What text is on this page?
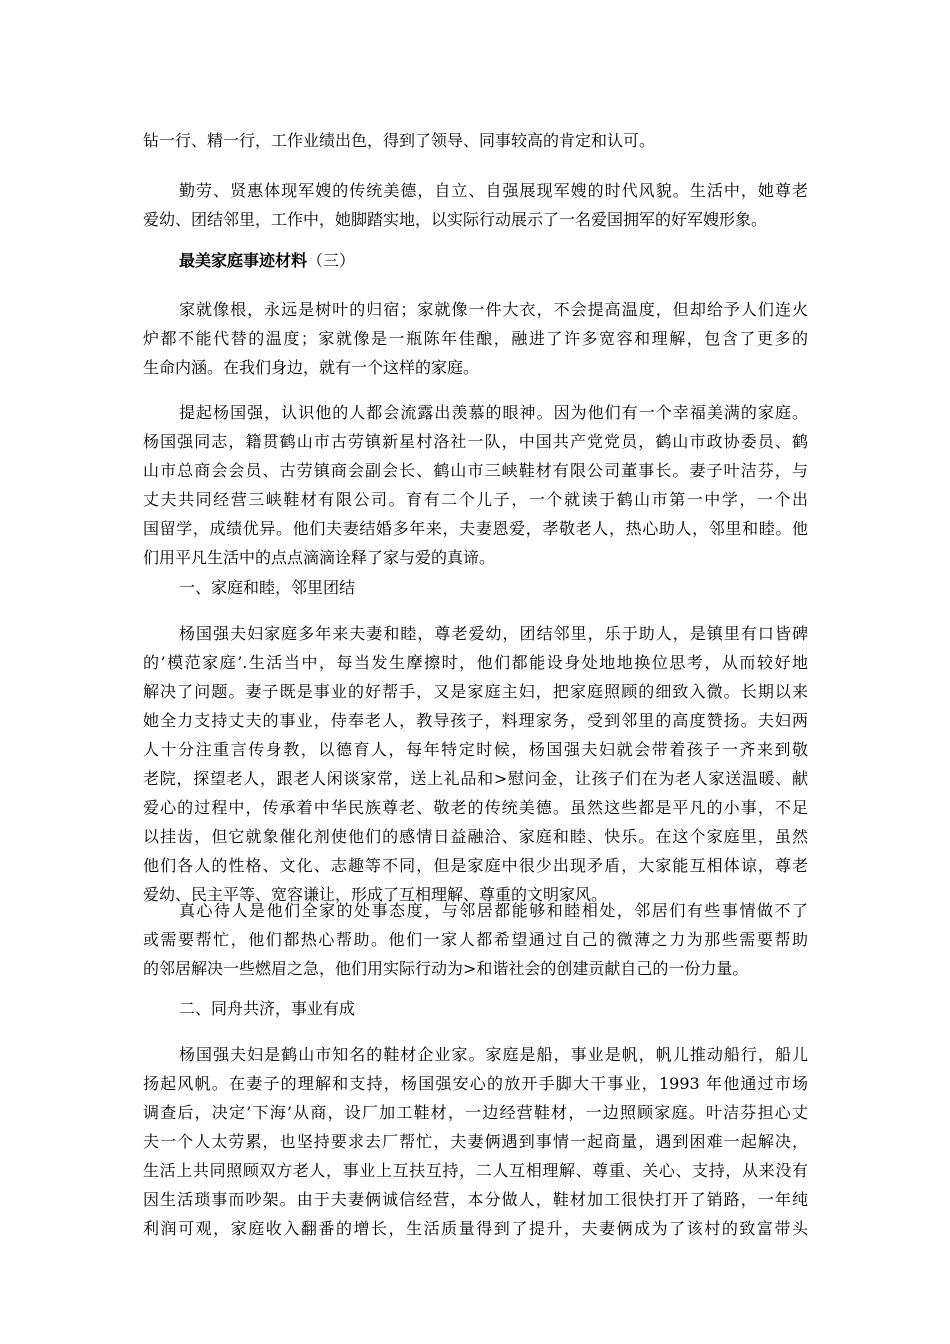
钻一行、精一行，工作业绩出色，得到了领导、同事较高的肯定和认可。
勤劳、贤惠体现军嫂的传统美德，自立、自强展现军嫂的时代风貌。生活中，她尊老
爱幼、团结邻里，工作中，她脚踏实地，以实际行动展示了一名爱国拥军的好军嫂形象。
最美家庭事迹材料（三）
家就像根，永远是树叶的归宿；家就像一件大衣，不会提高温度，但却给予人们连火
炉都不能代替的温度；家就像是一瓶陈年佳酿，融进了许多宽容和理解，包含了更多的
生命内涵。在我们身边，就有一个这样的家庭。
提起杨国强，认识他的人都会流露出羡慕的眼神。因为他们有一个幸福美满的家庭。
杨国强同志，籍贯鹤山市古劳镇新星村洛社一队，中国共产党党员，鹤山市政协委员、鹤
山市总商会会员、古劳镇商会副会长、鹤山市三峡鞋材有限公司董事长。妻子叶洁芬，与
丈夫共同经营三峡鞋材有限公司。育有二个儿子，一个就读于鹤山市第一中学，一个出
国留学，成绩优异。他们夫妻结婚多年来，夫妻恩爱，孝敬老人，热心助人，邻里和睦。他
们用平凡生活中的点点滴滴诠释了家与爱的真谛。
一、家庭和睦，邻里团结
杨国强夫妇家庭多年来夫妻和睦，尊老爱幼，团结邻里，乐于助人，是镇里有口皆碑
的’模范家庭’.生活当中，每当发生摩擦时，他们都能设身处地地换位思考，从而较好地
解决了问题。妻子既是事业的好帮手，又是家庭主妇，把家庭照顾的细致入微。长期以来
她全力支持丈夫的事业，侍奉老人，教导孩子，料理家务，受到邻里的高度赞扬。夫妇两
人十分注重言传身教，以德育人，每年特定时候，杨国强夫妇就会带着孩子一齐来到敬
老院，探望老人，跟老人闲谈家常，送上礼品和>慰问金，让孩子们在为老人家送温暖、献
爱心的过程中，传承着中华民族尊老、敬老的传统美德。虽然这些都是平凡的小事，不足
以挂齿，但它就象催化剂使他们的感情日益融洽、家庭和睦、快乐。在这个家庭里，虽然
他们各人的性格、文化、志趣等不同，但是家庭中很少出现矛盾，大家能互相体谅，尊老
爱幼、民主平等、宽容谦让，形成了互相理解、尊重的文明家风。
真心待人是他们全家的处事态度，与邻居都能够和睦相处，邻居们有些事情做不了
或需要帮忙，他们都热心帮助。他们一家人都希望通过自己的微薄之力为那些需要帮助
的邻居解决一些燃眉之急，他们用实际行动为>和谐社会的创建贡献自己的一份力量。
二、同舟共济，事业有成
杨国强夫妇是鹤山市知名的鞋材企业家。家庭是船，事业是帆，帆儿推动船行，船儿
扬起风帆。在妻子的理解和支持，杨国强安心的放开手脚大干事业，1993 年他通过市场
调查后，决定’下海’从商，设厂加工鞋材，一边经营鞋材，一边照顾家庭。叶洁芬担心丈
夫一个人太劳累，也坚持要求去厂帮忙，夫妻俩遇到事情一起商量，遇到困难一起解决，
生活上共同照顾双方老人，事业上互扶互持，二人互相理解、尊重、关心、支持，从来没有
因生活琐事而吵架。由于夫妻俩诚信经营，本分做人，鞋材加工很快打开了销路，一年纯
利润可观，家庭收入翻番的增长，生活质量得到了提升，夫妻俩成为了该村的致富带头
